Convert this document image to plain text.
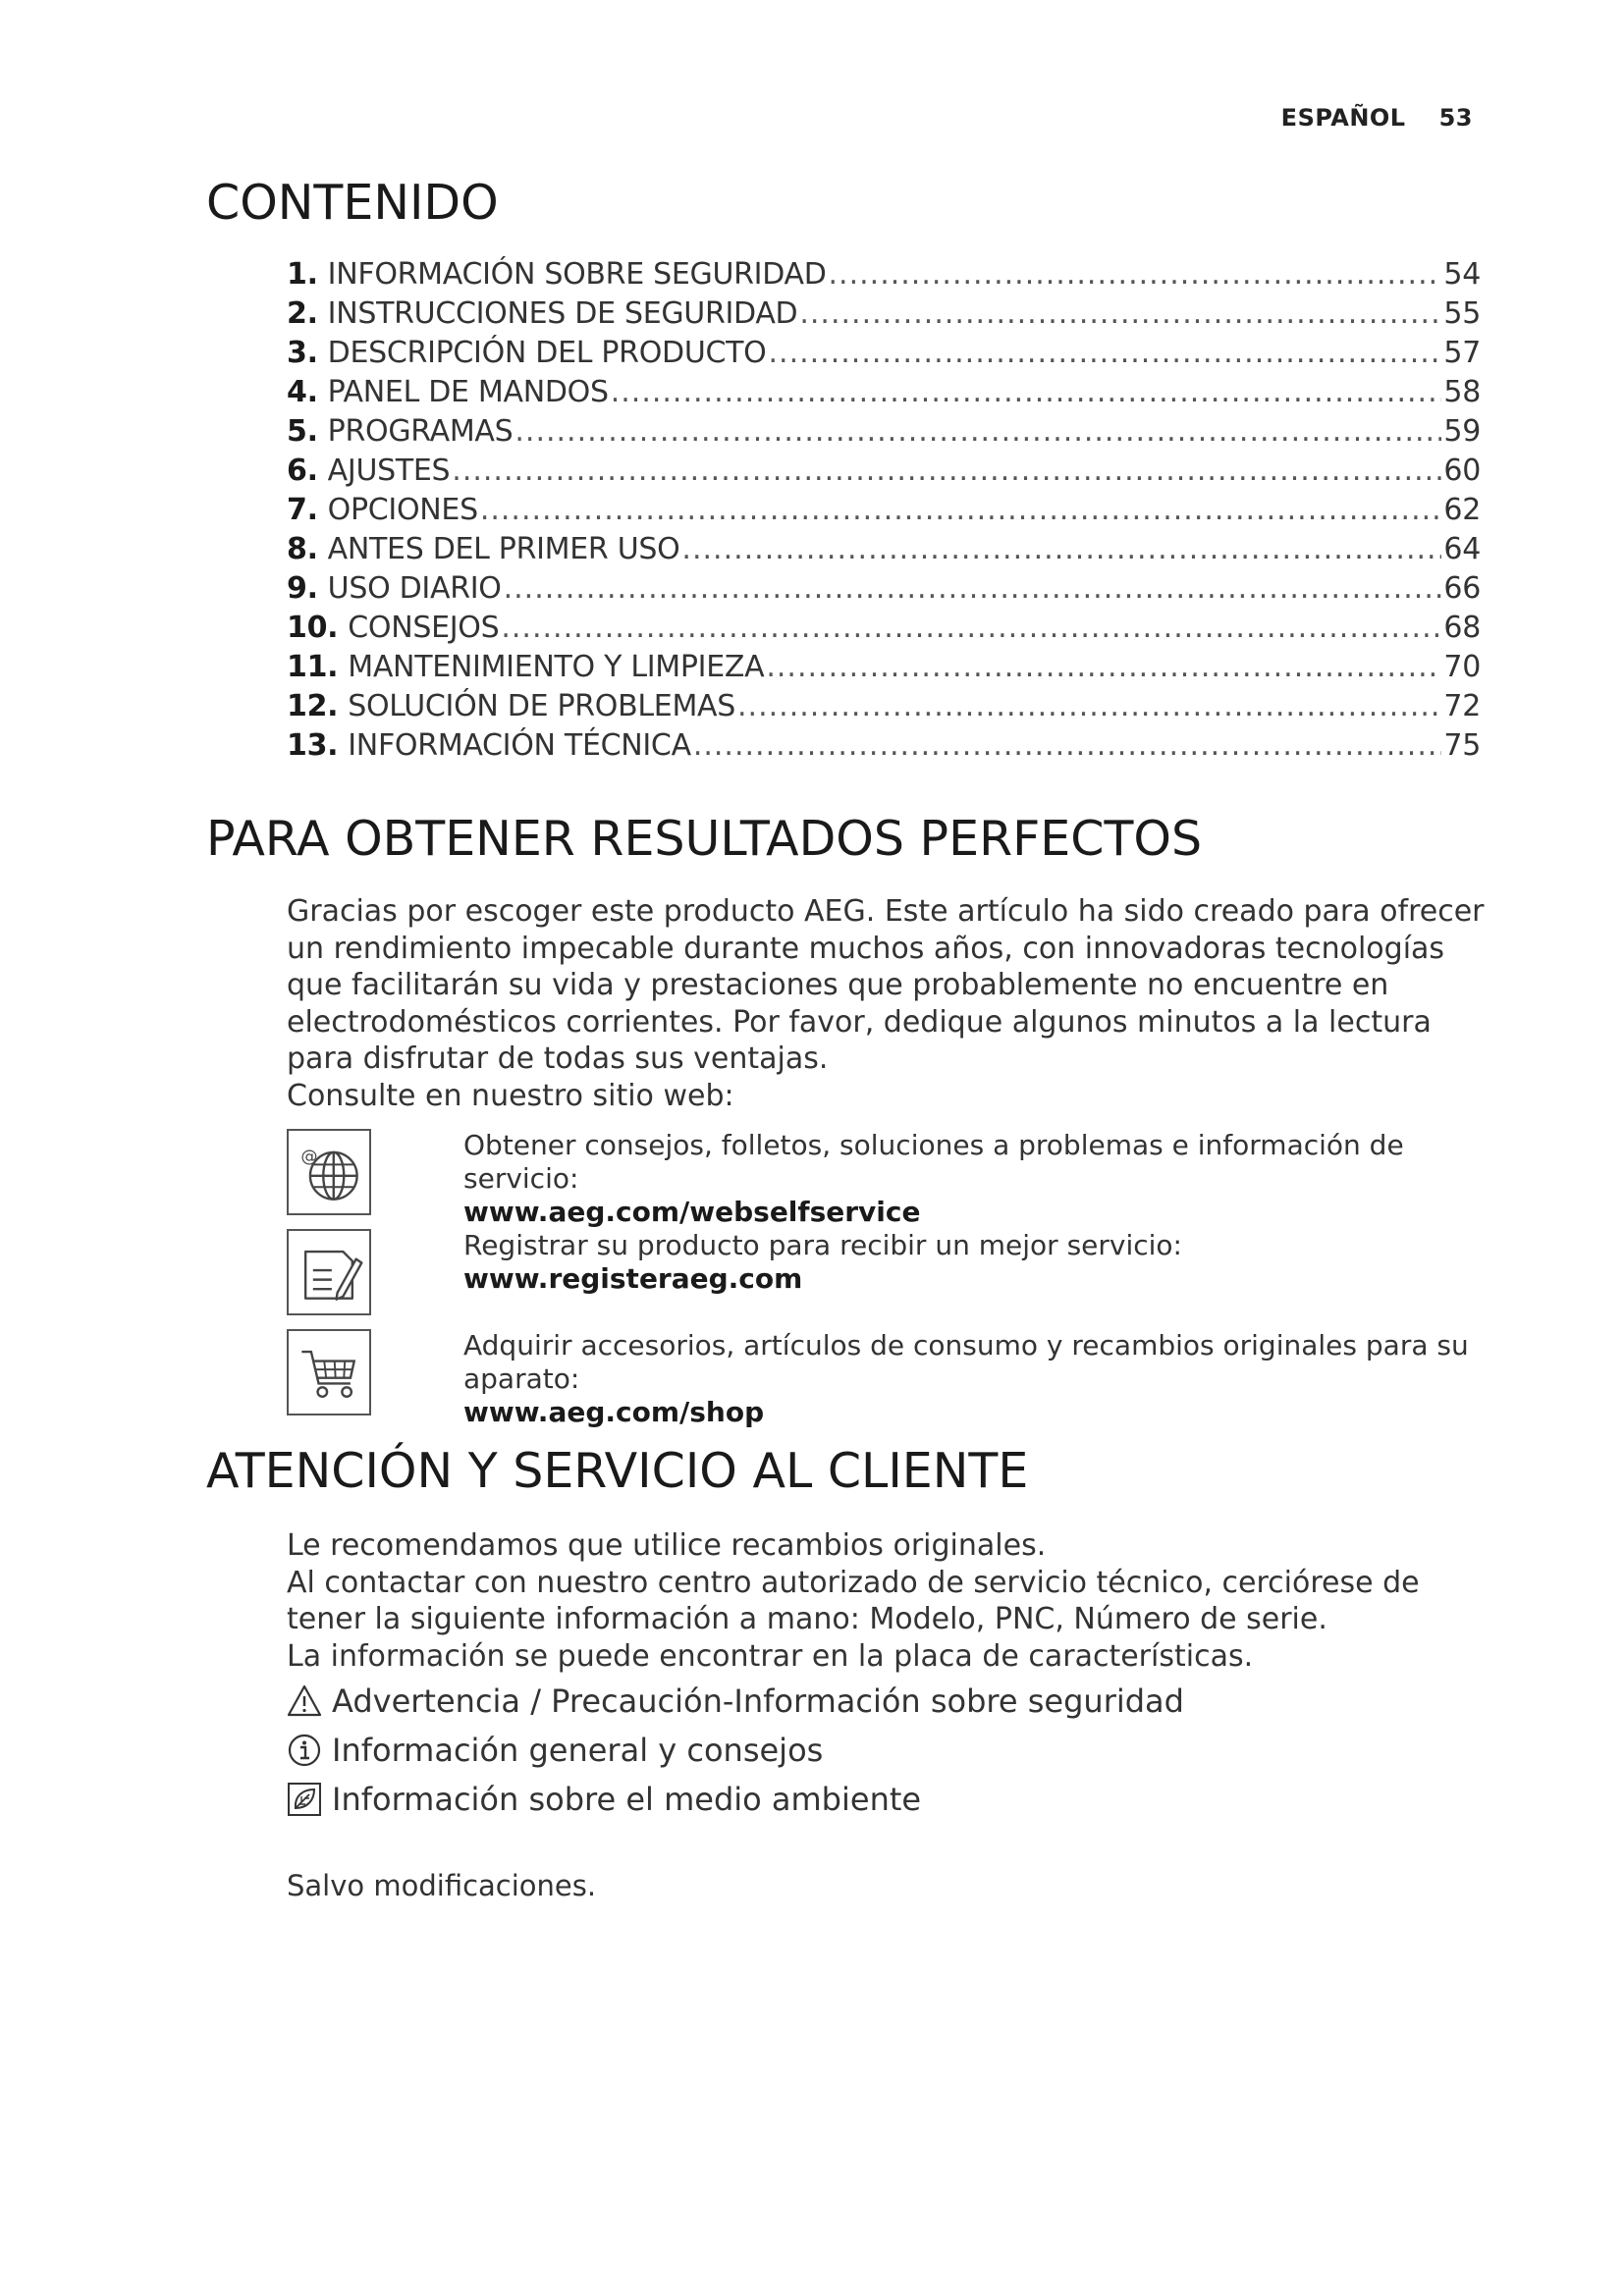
ESPAÑOL 53
CONTENIDO
1. INFORMACIÓN SOBRE SEGURIDAD .....	54
2. INSTRUCCIONES DE SEGURIDAD .....	55
3. DESCRIPCIÓN DEL PRODUCTO .....	57
4. PANEL DE MANDOS .....	58
5. PROGRAMAS .....	59
6. AJUSTES .....	60
7. OPCIONES .....	62
8. ANTES DEL PRIMER USO .....	64
9. USO DIARIO .....	66
10. CONSEJOS .....	68
11. MANTENIMIENTO Y LIMPIEZA .....	70
12. SOLUCIÓN DE PROBLEMAS .....	72
13. INFORMACIÓN TÉCNICA .....	75
PARA OBTENER RESULTADOS PERFECTOS

Gracias por escoger este producto AEG. Este artículo ha sido creado para ofrecer

un rendimiento impecable durante muchos años, con innovadoras tecnologías

que facilitarán su vida y prestaciones que probablemente no encuentre en

electrodomésticos corrientes. Por favor, dedique algunos minutos a la lectura

para disfrutar de todas sus ventajas.

Consulte en nuestro sitio web:

@	Obtener consejos, folletos, soluciones a problemas e información de servicio:
www.aeg.com/webselfservice
Registrar su producto para recibir un mejor servicio:
www.registeraeg.com
Adquirir accesorios, artículos de consumo y recambios originales para su aparato:
www.aeg.com/shop
ATENCIÓN Y SERVICIO AL CLIENTE

Le recomendamos que utilice recambios originales.

Al contactar con nuestro centro autorizado de servicio técnico, cerciórese de

tener la siguiente información a mano: Modelo, PNC, Número de serie.

La información se puede encontrar en la placa de características.

Advertencia / Precaución-Información sobre seguridad
Información general y consejos
Información sobre el medio ambiente
Salvo modificaciones.
